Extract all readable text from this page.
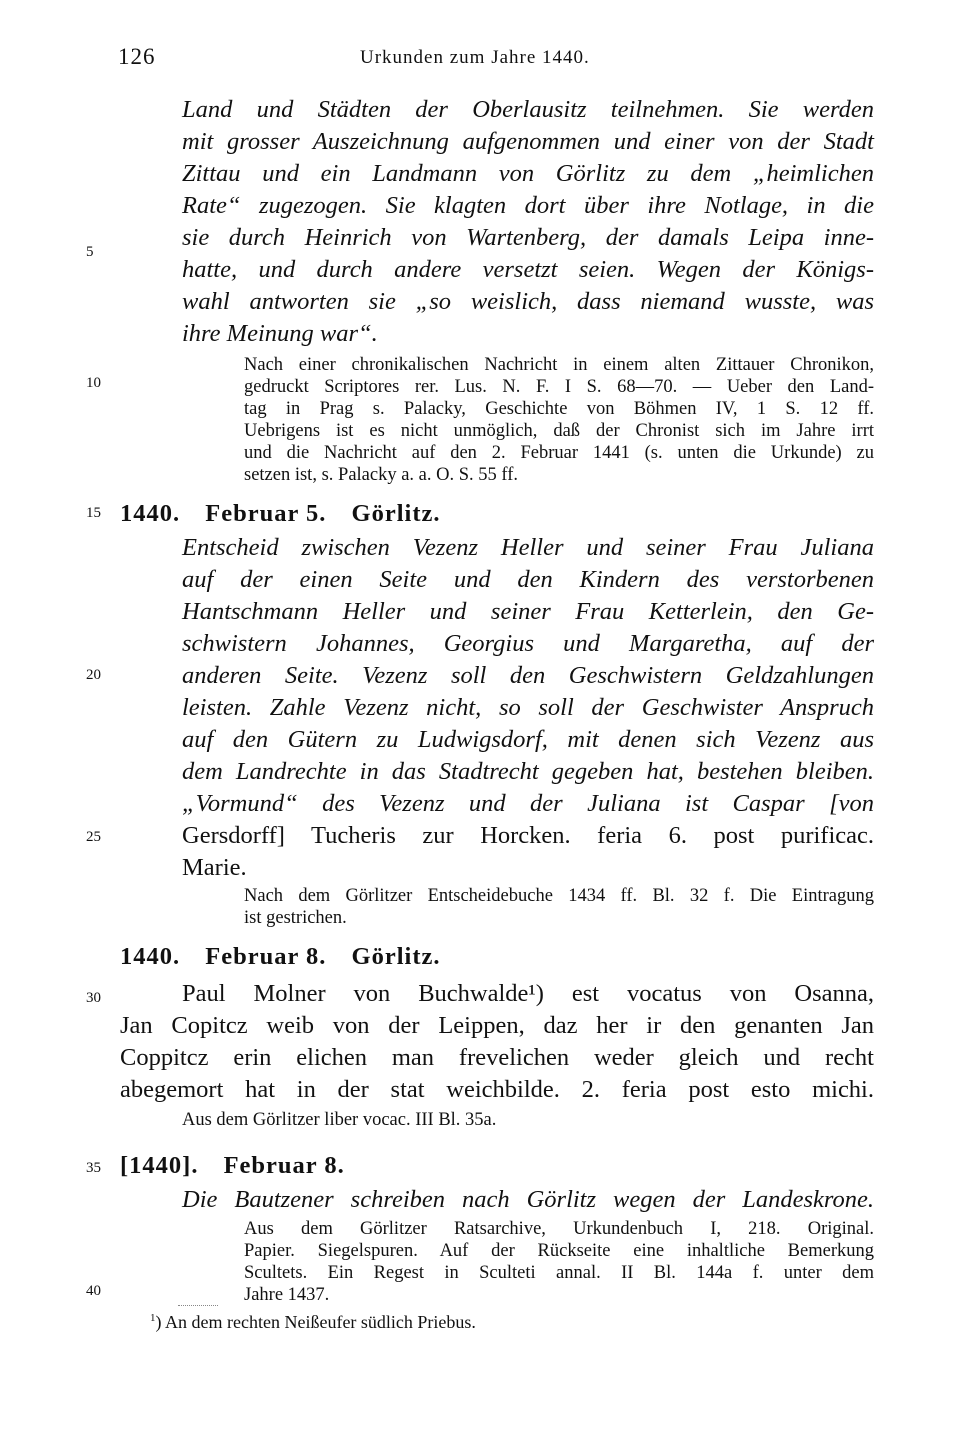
126	Urkunden zum Jahre 1440.
5
10
15
20
25
30
35
40
Land und Städten der Oberlausitz teilnehmen. Sie werden
mit grosser Auszeichnung aufgenommen und einer von der Stadt
Zittau und ein Landmann von Görlitz zu dem „heimlichen
Rate“ zugezogen. Sie klagten dort über ihre Notlage, in die
sie durch Heinrich von Wartenberg, der damals Leipa inne-
hatte, und durch andere versetzt seien. Wegen der Königs-
wahl antworten sie „so weislich, dass niemand wusste, was
ihre Meinung war“.
Nach einer chronikalischen Nachricht in einem alten Zittauer Chronikon,
gedruckt Scriptores rer. Lus. N. F. I S. 68—70. — Ueber den Land-
tag in Prag s. Palacky, Geschichte von Böhmen IV, 1 S. 12 ff.
Uebrigens ist es nicht unmöglich, daß der Chronist sich im Jahre irrt
und die Nachricht auf den 2. Februar 1441 (s. unten die Urkunde) zu
setzen ist, s. Palacky a. a. O. S. 55 ff.
1440. Februar 5. Görlitz.
Entscheid zwischen Vezenz Heller und seiner Frau Juliana
auf der einen Seite und den Kindern des verstorbenen
Hantschmann Heller und seiner Frau Ketterlein, den Ge-
schwistern Johannes, Georgius und Margaretha, auf der
anderen Seite. Vezenz soll den Geschwistern Geldzahlungen
leisten. Zahle Vezenz nicht, so soll der Geschwister Anspruch
auf den Gütern zu Ludwigsdorf, mit denen sich Vezenz aus
dem Landrechte in das Stadtrecht gegeben hat, bestehen bleiben.
„Vormund“ des Vezenz und der Juliana ist Caspar [von
Gersdorff] Tucheris zur Horcken. feria 6. post purificac.
Marie.
Nach dem Görlitzer Entscheidebuche 1434 ff. Bl. 32 f. Die Eintragung
ist gestrichen.
1440. Februar 8. Görlitz.
Paul Molner von Buchwalde¹) est vocatus von Osanna,
Jan Copitcz weib von der Leippen, daz her ir den genanten Jan
Coppitcz erin elichen man frevelichen weder gleich und recht
abegemort hat in der stat weichbilde. 2. feria post esto michi.
Aus dem Görlitzer liber vocac. III Bl. 35a.
[1440]. Februar 8.
Die Bautzener schreiben nach Görlitz wegen der Landeskrone.
Aus dem Görlitzer Ratsarchive, Urkundenbuch I, 218. Original.
Papier. Siegelspuren. Auf der Rückseite eine inhaltliche Bemerkung
Scultets. Ein Regest in Sculteti annal. II Bl. 144a f. unter dem
Jahre 1437.
$^1$) An dem rechten Neißeufer südlich Priebus.
